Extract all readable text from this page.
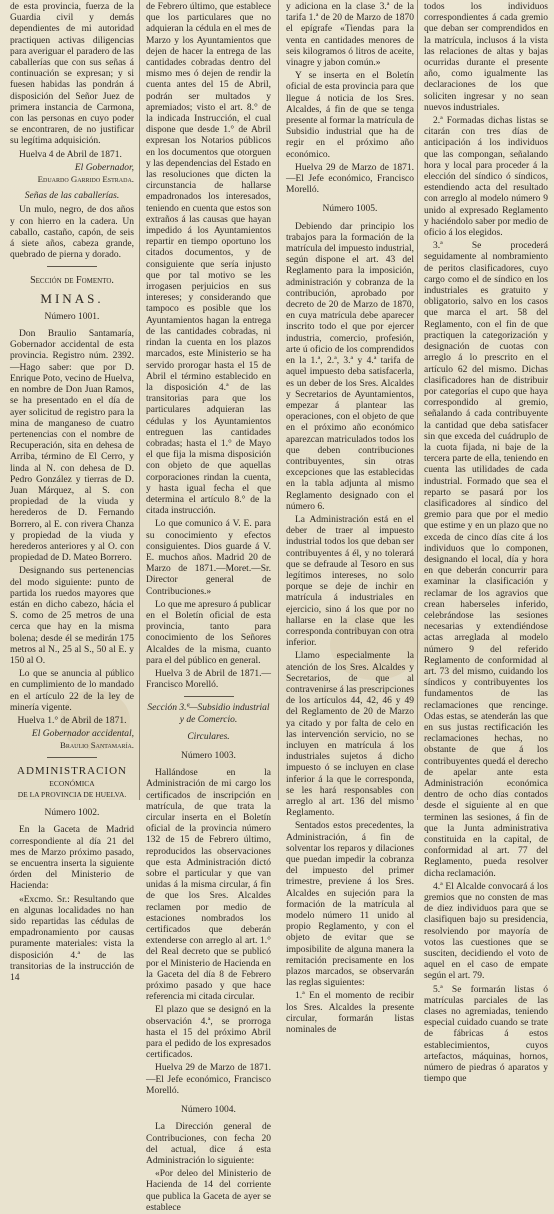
de esta provincia, fuerza de la Guardia civil y demás dependientes de mi autoridad practiquen activas diligencias para averiguar el paradero de las caballerías que con sus señas á continuación se expresan; y si fuesen habidas las pondrán á disposición del Señor Juez de primera instancia de Carmona, con las personas en cuyo poder se encontraren, de no justificar su legítima adquisición.

Huelva 4 de Abril de 1871.

El Gobernador,

Eduardo Garrido Estrada.

Señas de las caballerías.

Un mulo, negro, de dos años y con hierro en la cadera. Un caballo, castaño, capón, de seis á siete años, cabeza grande, quebrado de pierna y dorado.

Sección de Fomento.

MINAS.

Número 1001.

Don Braulio Santamaría, Gobernador accidental de esta provincia. Registro núm. 2392.—Hago saber: que por D. Enrique Poto, vecino de Huelva, en nombre de Don Juan Ramos, se ha presentado en el día de ayer solicitud de registro para la mina de manganeso de cuatro pertenencias con el nombre de Recuperación, sita en dehesa de Arriba, término de El Cerro, y linda al N. con dehesa de D. Pedro González y tierras de D. Juan Márquez, al S. con propiedad de la viuda y herederos de D. Fernando Borrero, al E. con rivera Chanza y propiedad de la viuda y herederos anteriores y al O. con propiedad de D. Mateo Borrero.

Designando sus pertenencias del modo siguiente: punto de partida los ruedos mayores que están en dicho cabezo, hácia el S. como de 25 metros de una cerca que hay en la misma bolena; desde él se medirán 175 metros al N., 25 al S., 50 al E. y 150 al O.

Lo que se anuncia al público en cumplimiento de lo mandado en el artículo 22 de la ley de minería vigente.

Huelva 1.° de Abril de 1871.

El Gobernador accidental,

Braulio Santamaría.

ADMINISTRACION

ECONÓMICA

DE LA PROVINCIA DE HUELVA.

Número 1002.

En la Gaceta de Madrid correspondiente al día 21 del mes de Marzo próximo pasado, se encuentra inserta la siguiente órden del Ministerio de Hacienda:

«Excmo. Sr.: Resultando que en algunas localidades no han sido repartidas las cédulas de empadronamiento por causas puramente materiales: vista la disposición 4.ª de las transitorias de la instrucción de 14

de Febrero último, que establece que los particulares que no adquieran la cédula en el mes de Marzo y los Ayuntamientos que dejen de hacer la entrega de las cantidades cobradas dentro del mismo mes ó dejen de rendir la cuenta antes del 15 de Abril, podrán ser multados y apremiados; visto el art. 8.° de la indicada Instrucción, el cual dispone que desde 1.° de Abril expresan los Notarios públicos en los documentos que otorguen y las dependencias del Estado en las resoluciones que dicten la circunstancia de hallarse empadronados los interesados, teniendo en cuenta que estos son extraños á las causas que hayan impedido á los Ayuntamientos repartir en tiempo oportuno los citados documentos, y de consiguiente que sería injusto que por tal motivo se les irrogasen perjuicios en sus intereses; y considerando que tampoco es posible que los Ayuntamientos hagan la entrega de las cantidades cobradas, ni rindan la cuenta en los plazos marcados, este Ministerio se ha servido prorogar hasta el 15 de Abril el término establecido en la disposición 4.ª de las transitorias para que los particulares adquieran las cédulas y los Ayuntamientos entreguen las cantidades cobradas; hasta el 1.° de Mayo el que fija la misma disposición con objeto de que aquellas corporaciones rindan la cuenta, y hasta igual fecha el que determina el artículo 8.° de la citada instrucción.

Lo que comunico á V. E. para su conocimiento y efectos consiguientes. Dios guarde á V. E. muchos años. Madrid 20 de Marzo de 1871.—Moret.—Sr. Director general de Contribuciones.»

Lo que me apresuro á publicar en el Boletín oficial de esta provincia, tanto para conocimiento de los Señores Alcaldes de la misma, cuanto para el del público en general.

Huelva 3 de Abril de 1871.—Francisco Morelló.

Sección 3.ª—Subsidio industrial y de Comercio.

Circulares.

Número 1003.

Hallándose en la Administración de mi cargo los certificados de inscripción en matrícula, de que trata la circular inserta en el Boletín oficial de la provincia número 132 de 15 de Febrero último, reproducidos las observaciones que esta Administración dictó sobre el particular y que van unidas á la misma circular, á fin de que los Sres. Alcaldes reclamen por medio de estaciones nombrados los certificados que deberán extenderse con arreglo al art. 1.° del Real decreto que se publicó por el Ministerio de Hacienda en la Gaceta del día 8 de Febrero próximo pasado y que hace referencia mi citada circular.

El plazo que se designó en la observación 4.ª, se prorroga hasta el 15 del próximo Abril para el pedido de los expresados certificados.

Huelva 29 de Marzo de 1871.—El Jefe económico, Francisco Morelló.

Número 1004.

La Dirección general de Contribuciones, con fecha 20 del actual, dice á esta Administración lo siguiente:

«Por deleo del Ministerio de Hacienda de 14 del corriente que publica la Gaceta de ayer se establece

y adiciona en la clase 3.ª de la tarifa 1.ª de 20 de Marzo de 1870 el epígrafe «Tiendas para la venta en cantidades menores de seis kilogramos ó litros de aceite, vinagre y jabon común.»

Y se inserta en el Boletín oficial de esta provincia para que llegue á noticia de los Sres. Alcaldes, á fin de que se tenga presente al formar la matrícula de Subsidio industrial que ha de regir en el próximo año económico.

Huelva 29 de Marzo de 1871.—El Jefe económico, Francisco Morelló.

Número 1005.

Debiendo dar principio los trabajos para la formación de la matrícula del impuesto industrial, según dispone el art. 43 del Reglamento para la imposición, administración y cobranza de la contribución, aprobado por decreto de 20 de Marzo de 1870, en cuya matrícula debe aparecer inscrito todo el que por ejercer industria, comercio, profesión, arte ú oficio de los comprendidos en la 1.ª, 2.ª, 3.ª y 4.ª tarifa de aquel impuesto deba satisfacerla, es un deber de los Sres. Alcaldes y Secretarios de Ayuntamientos, empezar á plantear las operaciones, con el objeto de que en el próximo año económico aparezcan matriculados todos los que deben contribuciones contribuyentes, sin otras excepciones que las establecidas en la tabla adjunta al mismo Reglamento designado con el número 6.

La Administración está en el deber de traer al impuesto industrial todos los que deban ser contribuyentes á él, y no tolerará que se defraude al Tesoro en sus legítimos intereses, no solo porque se deje de inchir en matrícula á industriales en ejercicio, sino á los que por no hallarse en la clase que les corresponda contribuyan con otra inferior.

Llamo especialmente la atención de los Sres. Alcaldes y Secretarios, de que al contravenirse á las prescripciones de los artículos 44, 42, 46 y 49 del Reglamento de 20 de Marzo ya citado y por falta de celo en las intervención servicio, no se incluyen en matrícula á los industriales sujetos á dicho impuesto ó se incluyen en clase inferior á la que le corresponda, se les hará responsables con arreglo al art. 136 del mismo Reglamento.

Sentados estos precedentes, la Administración, á fin de solventar los reparos y dilaciones que puedan impedir la cobranza del impuesto del primer trimestre, previene á los Sres. Alcaldes en sujeción para la formación de la matrícula al modelo número 11 unido al propio Reglamento, y con el objeto de evitar que se imposibilite de alguna manera la remitación precisamente en los plazos marcados, se observarán las reglas siguientes:

1.ª En el momento de recibir los Sres. Alcaldes la presente circular, formarán listas nominales de

todos los individuos correspondientes á cada gremio que deban ser comprendidos en la matrícula, inclusos á la vista las relaciones de altas y bajas ocurridas durante el presente año, como igualmente las declaraciones de los que soliciten ingresar y no sean nuevos industriales.

2.ª Formadas dichas listas se citarán con tres días de anticipación á los individuos que las compongan, señalando hora y local para proceder á la elección del síndico ó síndicos, estendiendo acta del resultado con arreglo al modelo número 9 unido al expresado Reglamento y haciéndolo saber por medio de oficio á los elegidos.

3.ª Se procederá seguidamente al nombramiento de peritos clasificadores, cuyo cargo como el de síndico en los industriales es gratuito y obligatorio, salvo en los casos que marca el art. 58 del Reglamento, con el fin de que practiquen la categorización y designación de cuotas con arreglo á lo prescrito en el artículo 62 del mismo. Dichas clasificadores han de distribuir por categorías el cupo que haya correspondido al gremio, señalando á cada contribuyente la cantidad que deba satisfacer sin que exceda del cuádruplo de la cuota fijada, ni baje de la tercera parte de ella, teniendo en cuenta las utilidades de cada industrial. Formado que sea el reparto se pasará por los clasificadores al síndico del gremio para que por el medio que estime y en un plazo que no exceda de cinco días cite á los individuos que lo componen, designando el local, día y hora en que deberán concurrir para examinar la clasificación y reclamar de los agravios que crean haberseles inferido, celebrándose las sesiones necesarias y extendiéndose actas arreglada al modelo número 9 del referido Reglamento de conformidad al art. 73 del mismo, cuidando los síndicos y contribuyentes los fundamentos de las reclamaciones que rencinge. Odas estas, se atenderán las que en sus justas rectificación les reclamaciones hechas, no obstante de que á los contribuyentes quedá el derecho de apelar ante esta Administración económica dentro de ocho días contados desde el siguiente al en que terminen las sesiones, á fin de que la Junta administrativa constituida en la capital, de conformidad al art. 77 del Reglamento, pueda resolver dicha reclamación.

4.ª El Alcalde convocará á los gremios que no consten de mas de diez individuos para que se clasifiquen bajo su presidencia, resolviendo por mayoría de votos las cuestiones que se susciten, decidiendo el voto de aquel en el caso de empate según el art. 79.

5.ª Se formarán listas ó matrículas parciales de las clases no agremiadas, teniendo especial cuidado cuando se trate de fábricas á estos establecimientos, cuyos artefactos, máquinas, hornos, número de piedras ó aparatos y tiempo que
